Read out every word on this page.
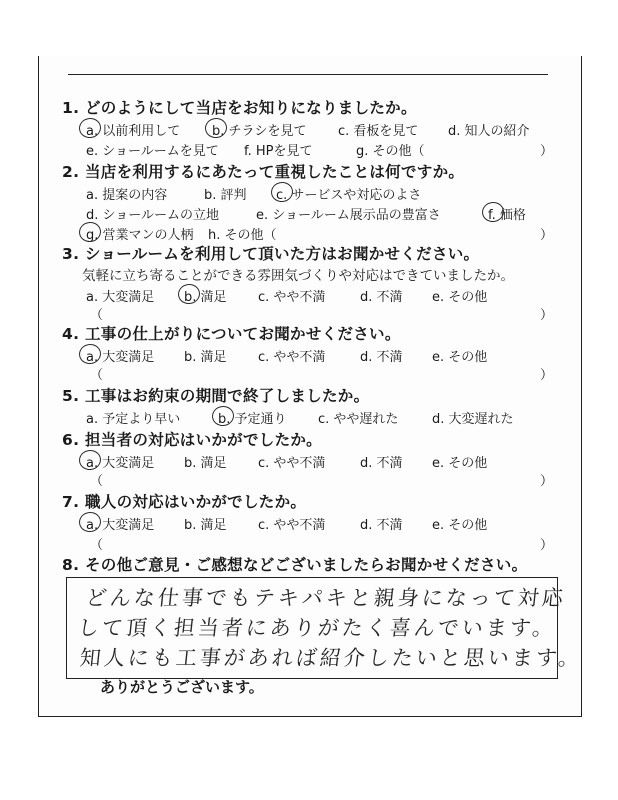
1. どのようにして当店をお知りになりましたか。
a. 以前利用して b. チラシを見て c. 看板を見て d. 知人の紹介
e. ショールームを見て f. HPを見て	g. その他（	）
2. 当店を利用するにあたって重視したことは何ですか。
a. 提案の内容	b. 評判 c. サービスや対応のよさ
d. ショールームの立地	e. ショールーム展示品の豊富さ	f. 価格
g. 営業マンの人柄 h. その他（	）
3. ショールームを利用して頂いた方はお聞かせください。
気軽に立ち寄ることができる雰囲気づくりや対応はできていましたか。
a. 大変満足 b. 満足 c. やや不満	d. 不満 e. その他
（	）
4. 工事の仕上がりについてお聞かせください。
a. 大変満足 b. 満足 c. やや不満	d. 不満 e. その他
（	）
5. 工事はお約束の期間で終了しましたか。
a. 予定より早い	b. 予定通り c. やや遅れた	d. 大変遅れた
6. 担当者の対応はいかがでしたか。
a. 大変満足 b. 満足 c. やや不満	d. 不満 e. その他
（	）
7. 職人の対応はいかがでしたか。
a. 大変満足 b. 満足 c. やや不満	d. 不満 e. その他
（	）
8. その他ご意見・ご感想などございましたらお聞かせください。
どんな仕事でもテキパキと親身になって対応
して頂く担当者にありがたく喜んでいます。
知人にも工事があれば紹介したいと思います。
ありがとうございます。
